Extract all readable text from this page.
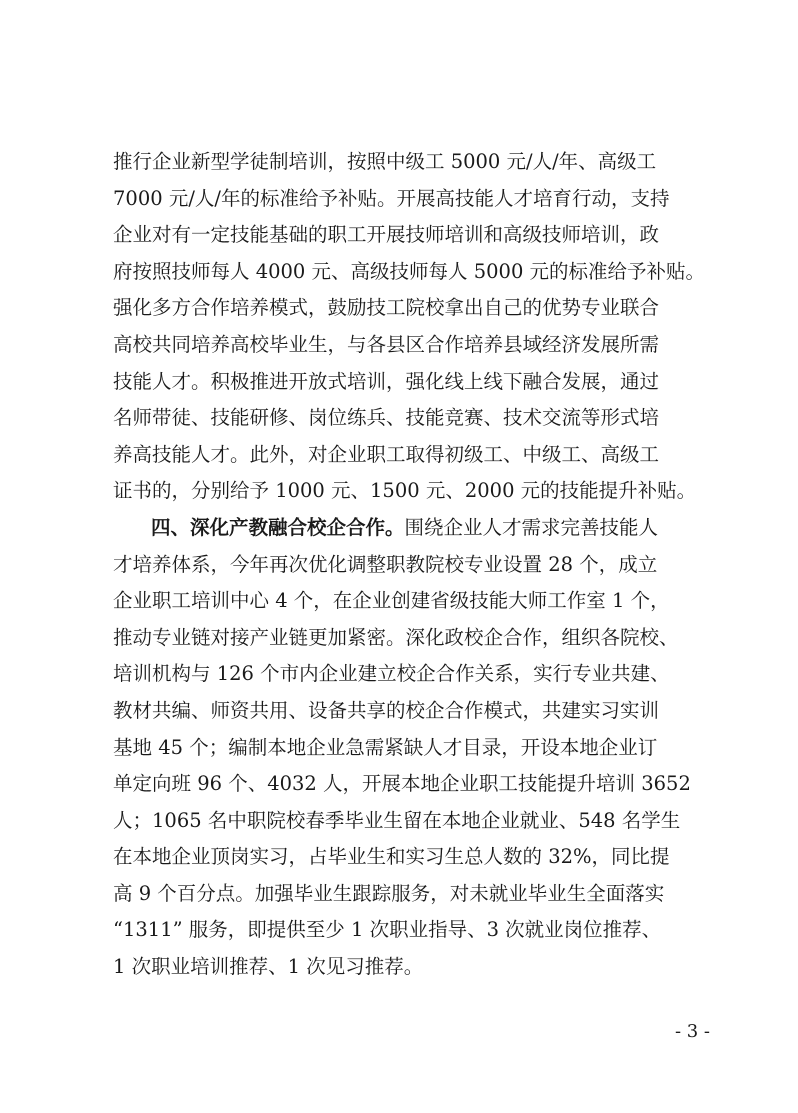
推行企业新型学徒制培训，按照中级工 5000 元/人/年、高级工
7000 元/人/年的标准给予补贴。开展高技能人才培育行动，支持
企业对有一定技能基础的职工开展技师培训和高级技师培训，政
府按照技师每人 4000 元、高级技师每人 5000 元的标准给予补贴。
强化多方合作培养模式，鼓励技工院校拿出自己的优势专业联合
高校共同培养高校毕业生，与各县区合作培养县域经济发展所需
技能人才。积极推进开放式培训，强化线上线下融合发展，通过
名师带徒、技能研修、岗位练兵、技能竞赛、技术交流等形式培
养高技能人才。此外，对企业职工取得初级工、中级工、高级工
证书的，分别给予 1000 元、1500 元、2000 元的技能提升补贴。
四、深化产教融合校企合作。围绕企业人才需求完善技能人
才培养体系，今年再次优化调整职教院校专业设置 28 个，成立
企业职工培训中心 4 个，在企业创建省级技能大师工作室 1 个，
推动专业链对接产业链更加紧密。深化政校企合作，组织各院校、
培训机构与 126 个市内企业建立校企合作关系，实行专业共建、
教材共编、师资共用、设备共享的校企合作模式，共建实习实训
基地 45 个；编制本地企业急需紧缺人才目录，开设本地企业订
单定向班 96 个、4032 人，开展本地企业职工技能提升培训 3652
人；1065 名中职院校春季毕业生留在本地企业就业、548 名学生
在本地企业顶岗实习，占毕业生和实习生总人数的 32%，同比提
高 9 个百分点。加强毕业生跟踪服务，对未就业毕业生全面落实
“1311” 服务，即提供至少 1 次职业指导、3 次就业岗位推荐、
1 次职业培训推荐、1 次见习推荐。
- 3 -
